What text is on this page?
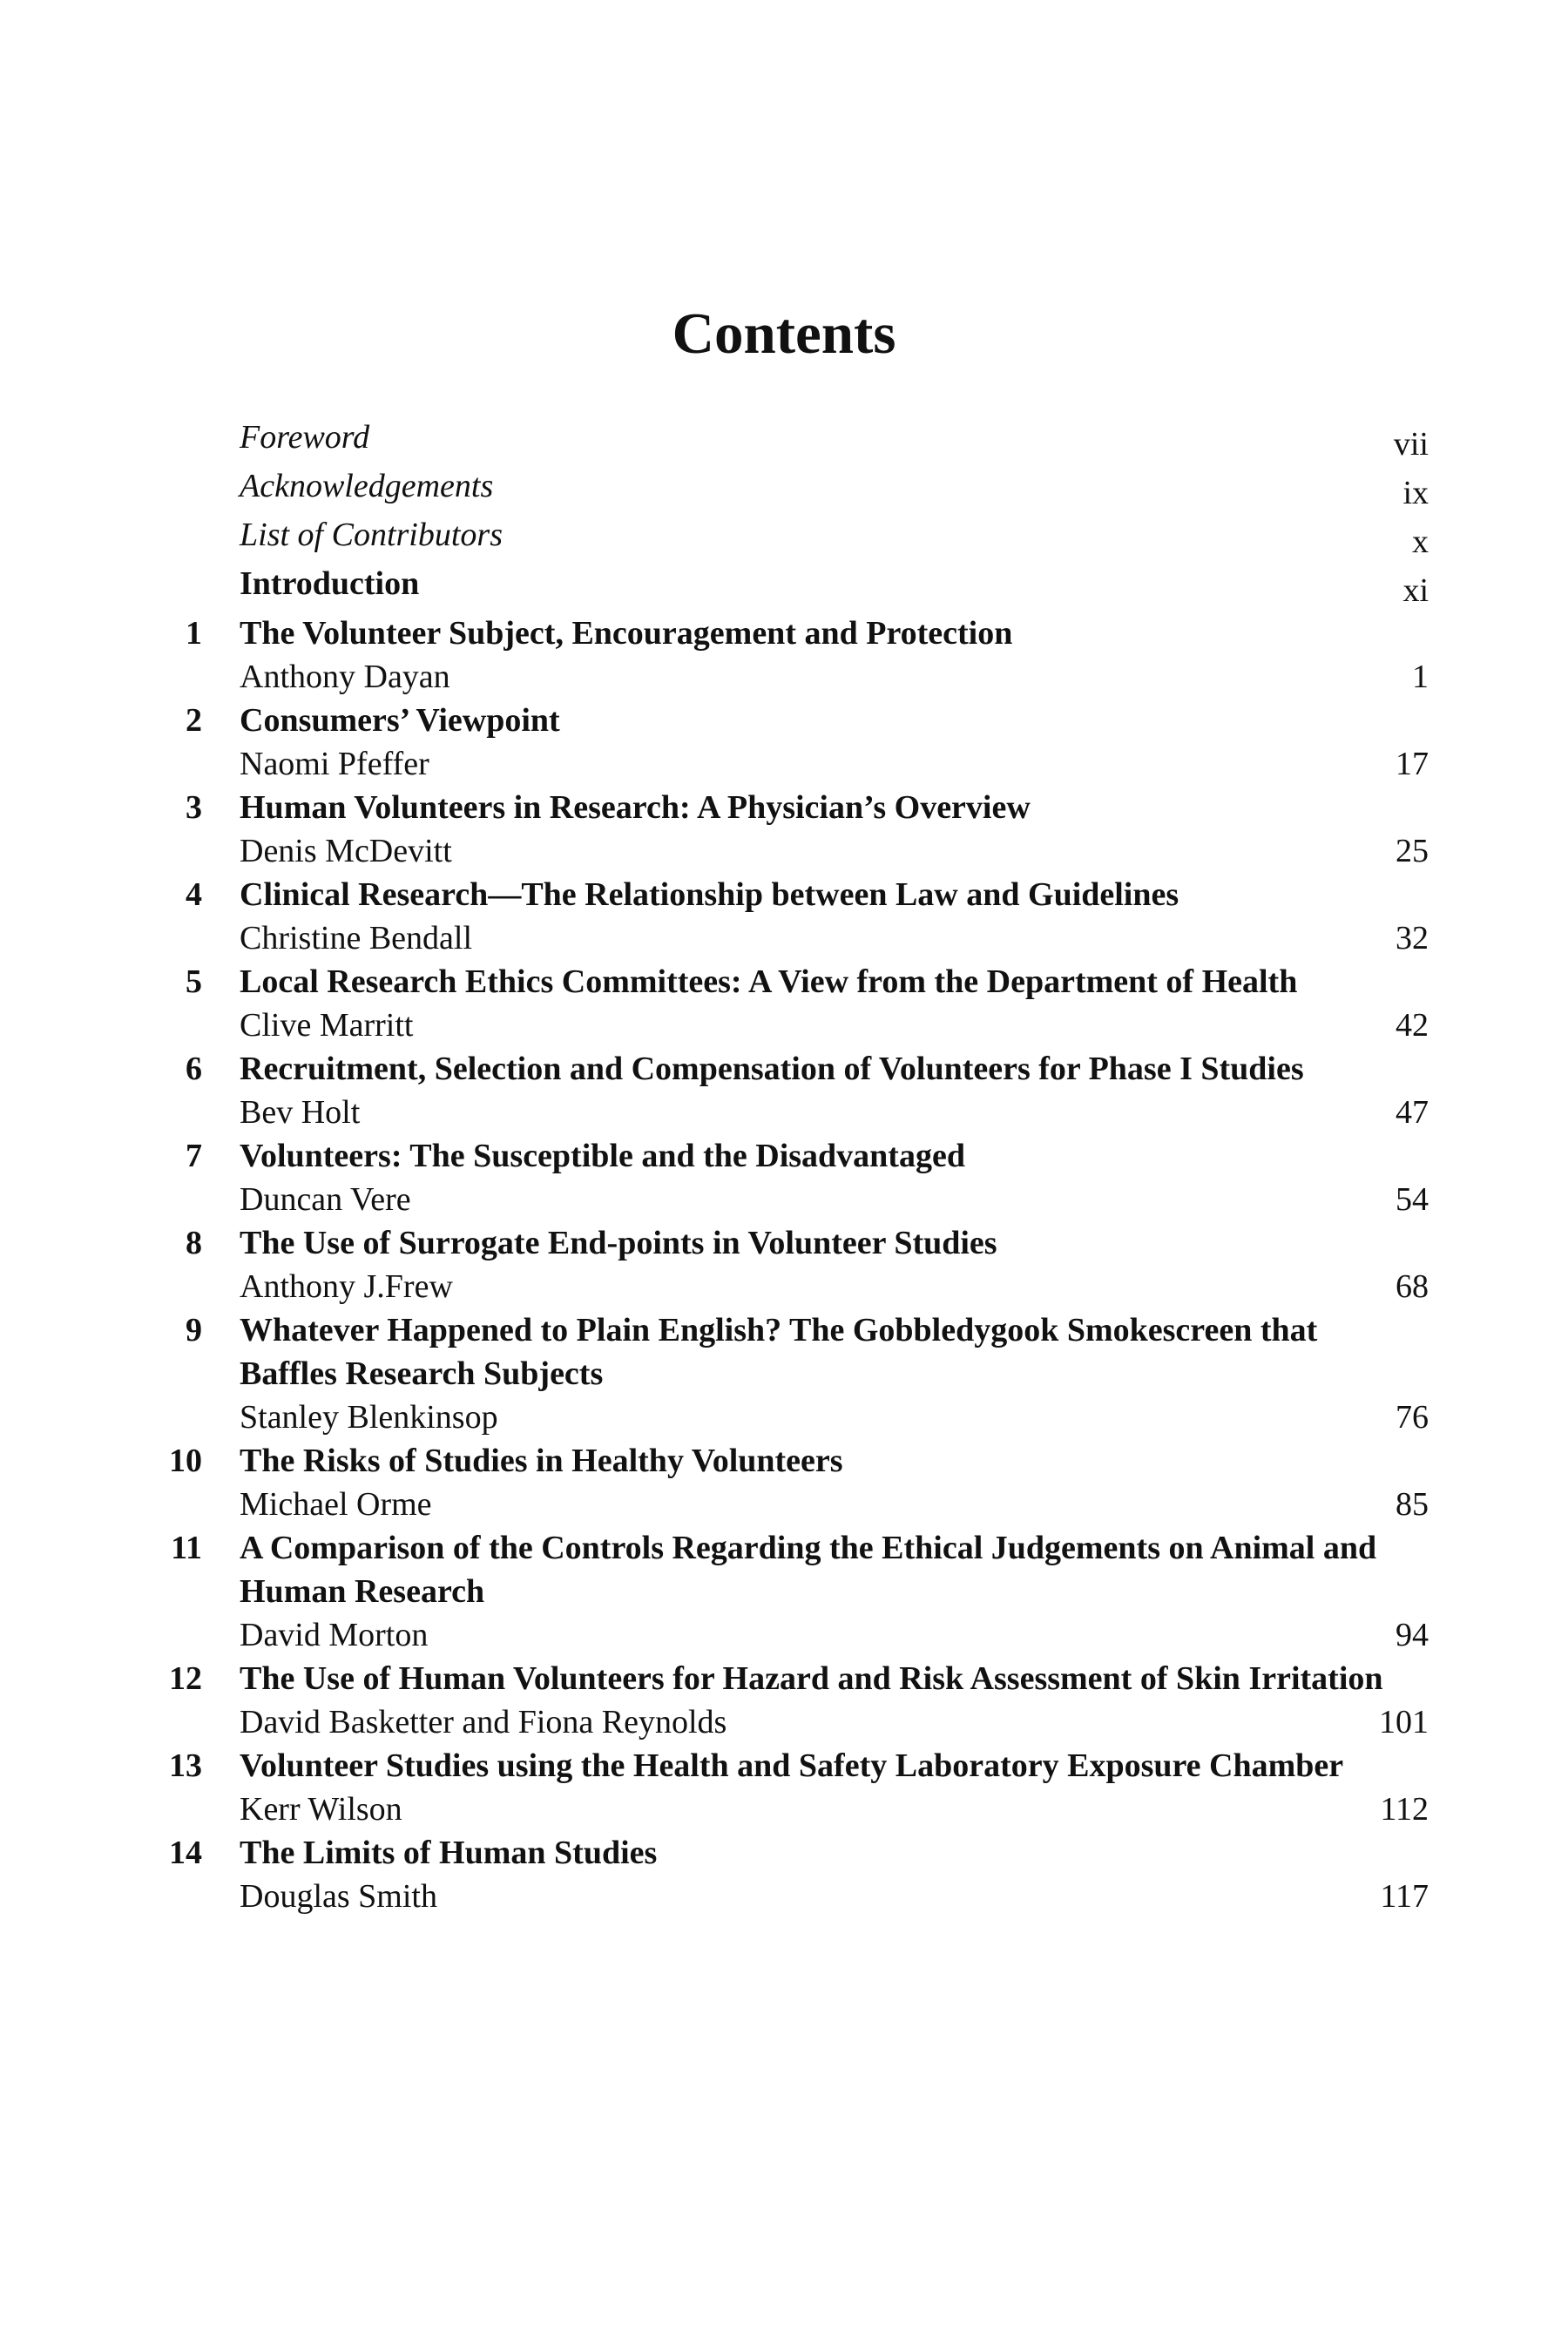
Contents
Foreword	vii
Acknowledgements	ix
List of Contributors	x
Introduction	xi
1 The Volunteer Subject, Encouragement and Protection
Anthony Dayan	1
2 Consumers’ Viewpoint
Naomi Pfeffer	17
3 Human Volunteers in Research: A Physician’s Overview
Denis McDevitt	25
4 Clinical Research—The Relationship between Law and Guidelines
Christine Bendall	32
5 Local Research Ethics Committees: A View from the Department of Health
Clive Marritt	42
6 Recruitment, Selection and Compensation of Volunteers for Phase I Studies
Bev Holt	47
7 Volunteers: The Susceptible and the Disadvantaged
Duncan Vere	54
8 The Use of Surrogate End-points in Volunteer Studies
Anthony J.Frew	68
9 Whatever Happened to Plain English? The Gobbledygook Smokescreen that Baffles Research Subjects
Stanley Blenkinsop	76
10 The Risks of Studies in Healthy Volunteers
Michael Orme	85
11 A Comparison of the Controls Regarding the Ethical Judgements on Animal and Human Research
David Morton	94
12 The Use of Human Volunteers for Hazard and Risk Assessment of Skin Irritation
David Basketter and Fiona Reynolds	101
13 Volunteer Studies using the Health and Safety Laboratory Exposure Chamber
Kerr Wilson	112
14 The Limits of Human Studies
Douglas Smith	117
